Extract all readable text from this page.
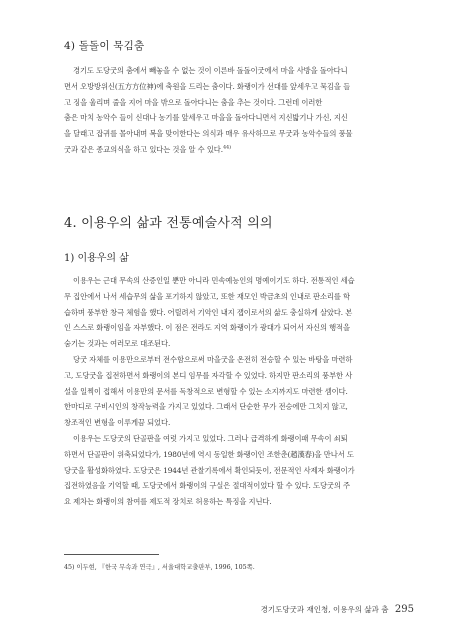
4) 돌돌이 묵김춤

경기도 도당굿의 춤에서 빼놓을 수 없는 것이 이른바 돌돌이굿에서 마을 사방을 돌아다니
면서 오방방위신(五方方位神)에 축원을 드리는 춤이다. 화랭이가 선대를 앞세우고 묵김을 들
고 징을 울리며 줄을 지어 마을 밖으로 돌아다니는 춤을 추는 것이다. 그런데 이러한
춤은 마치 농악수 들이 신대나 농기를 앞세우고 마을을 돌아다니면서 지신밟기나 가신, 지신
을 달래고 잡귀를 몰아내며 복을 맞이한다는 의식과 매우 유사하므로 무굿과 농악수들의 풍물
굿과 같은 종교의식을 하고 있다는 것을 알 수 있다.$^{44)}$

4. 이용우의 삶과 전통예술사적 의의
1) 이용우의 삶

이용우는 근대 무속의 산증인일 뿐만 아니라 민속예능인의 명예이기도 하다. 전통적인 세습
무 집안에서 나서 세습무의 삶을 포기하지 않았고, 또한 재모인 박금초의 인내로 판소리를 학
습하며 풍부한 창극 체험을 했다. 어릴려서 기악인 내지 잽이로서의 삶도 충실하게 살았다. 본
인 스스로 화랭이임을 자부했다. 이 점은 전라도 지역 화랭이가 광대가 되어서 자신의 행적을
숨기는 것과는 여러모로 대조된다.

당굿 자체를 이용만으로부터 전수함으로써 마을굿을 온전히 전승할 수 있는 바탕을 마련하
고, 도당굿을 집전하면서 화랭이의 본디 임무를 자각할 수 있었다. 하지만 판소리의 풍부한 사
설을 일찍이 접해서 이용만의 문서를 독창적으로 변형할 수 있는 소지까지도 마련한 셈이다.
한마디로 구비시인의 창작능력을 가지고 있었다. 그래서 단순한 무가 전승에만 그치지 않고,
창조적인 변형을 이루게끔 되었다.

이용우는 도당굿의 단골판을 여럿 가지고 있었다. 그러나 급격하게 화랭이패 무속이 쇠퇴
하면서 단골판이 위축되었다가, 1980년에 역시 동일한 화랭이인 조한춘(趙漢春)을 만나서 도
당굿을 활성화하였다. 도당굿은 1944년 관찰기록에서 확인되듯이, 전문적인 사제자 화랭이가
집전하였음을 기억할 때, 도당굿에서 화랭이의 구실은 절대적이었다 할 수 있다. 도당굿의 주
요 제차는 화랭이의 참여를 제도적 장치로 허용하는 특징을 지닌다.

45) 이두현, 『한국 무속과 연극』, 서울대학교출판부, 1996, 105쪽.
경기도당굿과 재인청, 이용우의 삶과 춤 295
